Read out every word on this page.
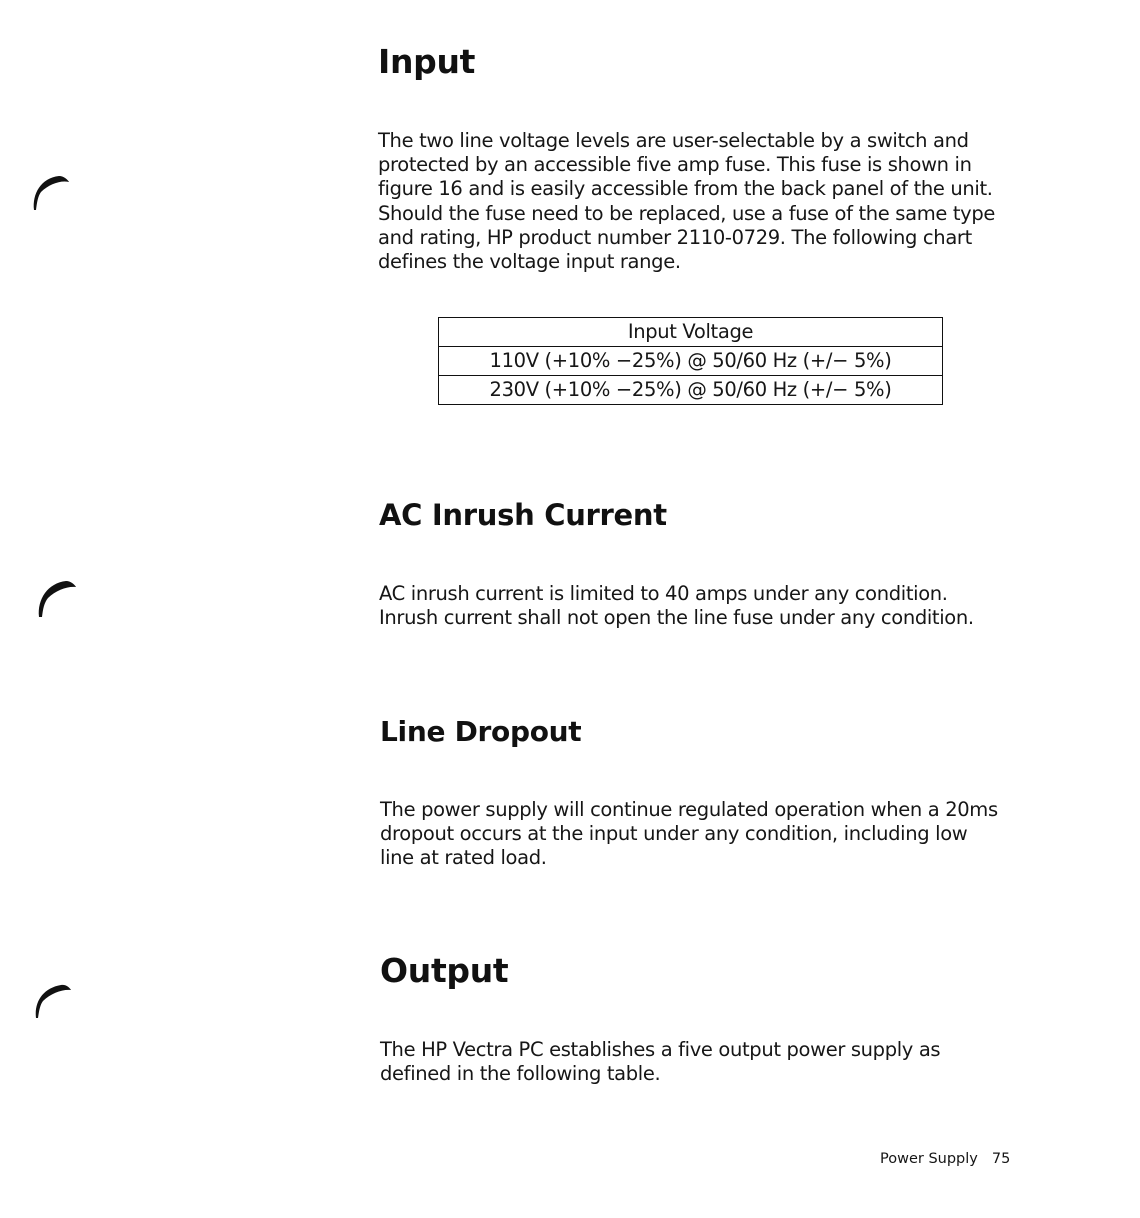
Input

The two line voltage levels are user-selectable by a switch and
protected by an accessible five amp fuse. This fuse is shown in
figure 16 and is easily accessible from the back panel of the unit.
Should the fuse need to be replaced, use a fuse of the same type
and rating, HP product number 2110-0729. The following chart
defines the voltage input range.

Input Voltage
110V (+10% −25%) @ 50/60 Hz (+/− 5%)
230V (+10% −25%) @ 50/60 Hz (+/− 5%)
AC Inrush Current

AC inrush current is limited to 40 amps under any condition.
Inrush current shall not open the line fuse under any condition.

Line Dropout

The power supply will continue regulated operation when a 20ms
dropout occurs at the input under any condition, including low
line at rated load.

Output

The HP Vectra PC establishes a five output power supply as
defined in the following table.

Power Supply 75
